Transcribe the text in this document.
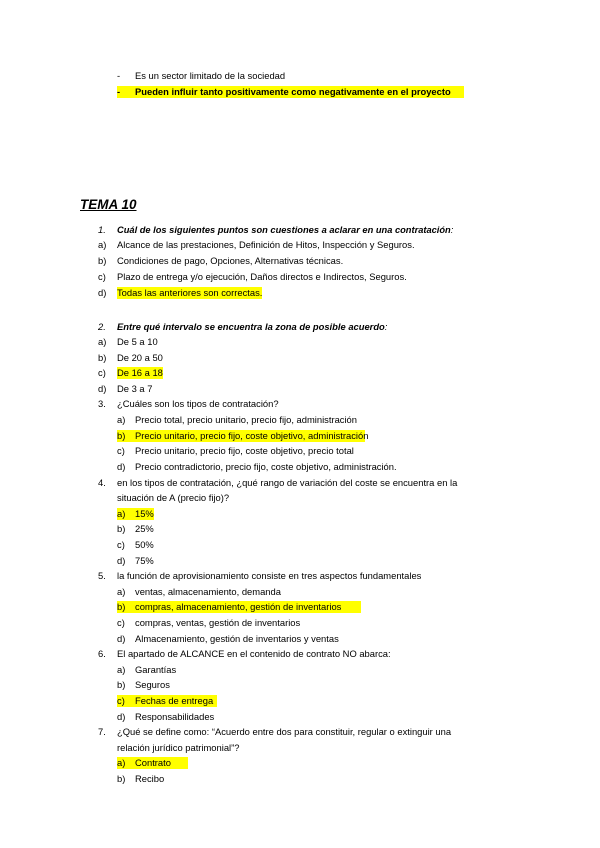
- Es un sector limitado de la sociedad
- Pueden influir tanto positivamente como negativamente en el proyecto
TEMA 10
1. Cuál de los siguientes puntos son cuestiones a aclarar en una contratación:
a) Alcance de las prestaciones, Definición de Hitos, Inspección y Seguros.
b) Condiciones de pago, Opciones, Alternativas técnicas.
c) Plazo de entrega y/o ejecución, Daños directos e Indirectos, Seguros.
d) Todas las anteriores son correctas.
2. Entre qué intervalo se encuentra la zona de posible acuerdo:
a) De 5 a 10
b) De 20 a 50
c) De 16 a 18
d) De 3 a 7
3. ¿Cuáles son los tipos de contratación?
a) Precio total, precio unitario, precio fijo, administración
b) Precio unitario, precio fijo, coste objetivo, administración
c) Precio unitario, precio fijo, coste objetivo, precio total
d) Precio contradictorio, precio fijo, coste objetivo, administración.
4. en los tipos de contratación, ¿qué rango de variación del coste se encuentra en la
situación de A (precio fijo)?
a) 15%
b) 25%
c) 50%
d) 75%
5. la función de aprovisionamiento consiste en tres aspectos fundamentales
a) ventas, almacenamiento, demanda
b) compras, almacenamiento, gestión de inventarios
c) compras, ventas, gestión de inventarios
d) Almacenamiento, gestión de inventarios y ventas
6. El apartado de ALCANCE en el contenido de contrato NO abarca:
a) Garantías
b) Seguros
c) Fechas de entrega
d) Responsabilidades
7. ¿Qué se define como: “Acuerdo entre dos para constituir, regular o extinguir una
relación jurídico patrimonial”?
a) Contrato
b) Recibo
